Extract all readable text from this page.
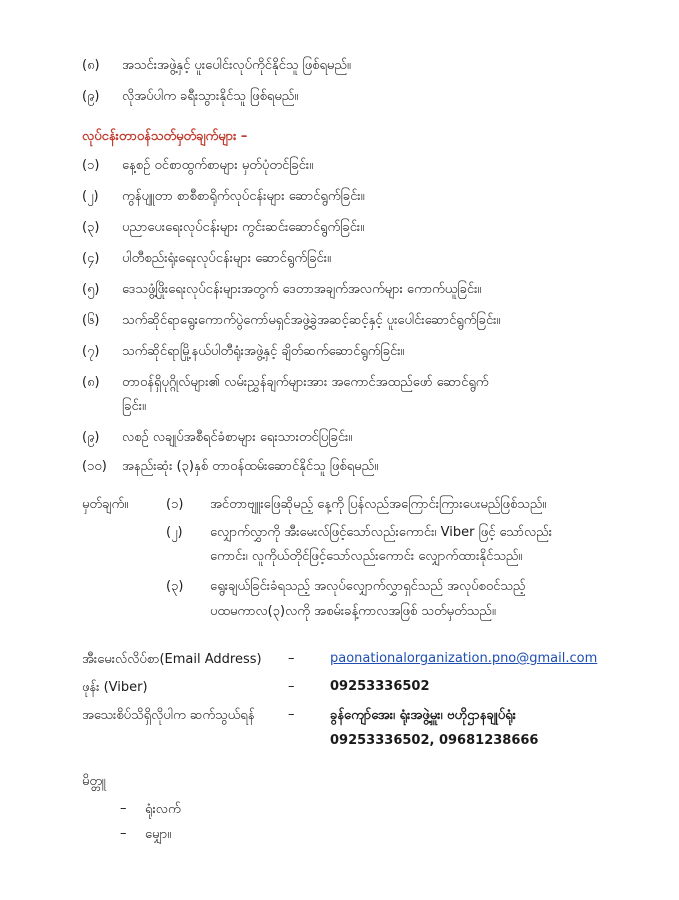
(၈) အသင်းအဖွဲ့နှင့် ပူးပေါင်းလုပ်ကိုင်နိုင်သူ ဖြစ်ရမည်။
(၉) လိုအပ်ပါက ခရီးသွားနိုင်သူ ဖြစ်ရမည်။
လုပ်ငန်းတာဝန်သတ်မှတ်ချက်များ –
(၁) နေ့စဉ် ဝင်စာထွက်စာများ မှတ်ပုံတင်ခြင်း။
(၂) ကွန်ပျူတာ စာစီစာရိုက်လုပ်ငန်းများ ဆောင်ရွက်ခြင်း။
(၃) ပညာပေးရေးလုပ်ငန်းများ ကွင်းဆင်းဆောင်ရွက်ခြင်း။
(၄) ပါတီစည်းရုံးရေးလုပ်ငန်းများ ဆောင်ရွက်ခြင်း။
(၅) ဒေသဖွံ့ဖြိုးရေးလုပ်ငန်းများအတွက် ဒေတာအချက်အလက်များ ကောက်ယူခြင်း။
(၆) သက်ဆိုင်ရာရွေးကောက်ပွဲကော်မရှင်အဖွဲ့ခွဲအဆင့်ဆင့်နှင့် ပူးပေါင်းဆောင်ရွက်ခြင်း။
(၇) သက်ဆိုင်ရာမြို့နယ်ပါတီရုံးအဖွဲ့နှင့် ချိတ်ဆက်ဆောင်ရွက်ခြင်း။
(၈) တာဝန်ရှိပုဂ္ဂိုလ်များ၏ လမ်းညွှန်ချက်များအား အကောင်အထည်ဖော် ဆောင်ရွက်
ခြင်း။
(၉) လစဉ် လချုပ်အစီရင်ခံစာများ ရေးသားတင်ပြခြင်း။
(၁၀) အနည်းဆုံး (၃)နှစ် တာဝန်ထမ်းဆောင်နိုင်သူ ဖြစ်ရမည်။
မှတ်ချက်။	(၁) အင်တာဗျူးဖြေဆိုမည့် နေ့ကို ပြန်လည်အကြောင်းကြားပေးမည်ဖြစ်သည်။
(၂) လျှောက်လွှာကို အီးမေးလ်ဖြင့်သော်လည်းကောင်း၊ Viber ဖြင့် သော်လည်း
ကောင်း၊ လူကိုယ်တိုင်ဖြင့်သော်လည်းကောင်း လျှောက်ထားနိုင်သည်။
(၃) ရွေးချယ်ခြင်းခံရသည့် အလုပ်လျှောက်လွှာရှင်သည် အလုပ်စဝင်သည့်
ပထမကာလ(၃)လကို အစမ်းခန့်ကာလအဖြစ် သတ်မှတ်သည်။
အီးမေးလ်လိပ်စာ(Email Address) –	paonationalorganization.pno@gmail.com
ဖုန်း (Viber)	–	09253336502
အသေးစိပ်သိရှိလိုပါက ဆက်သွယ်ရန်	–	ခွန်ကျော်အေး၊ ရုံးအဖွဲ့မှူး၊ ဗဟိုဌာနချုပ်ရုံး
09253336502, 09681238666
မိတ္တူ
– ရုံးလက်
– မျှော။
